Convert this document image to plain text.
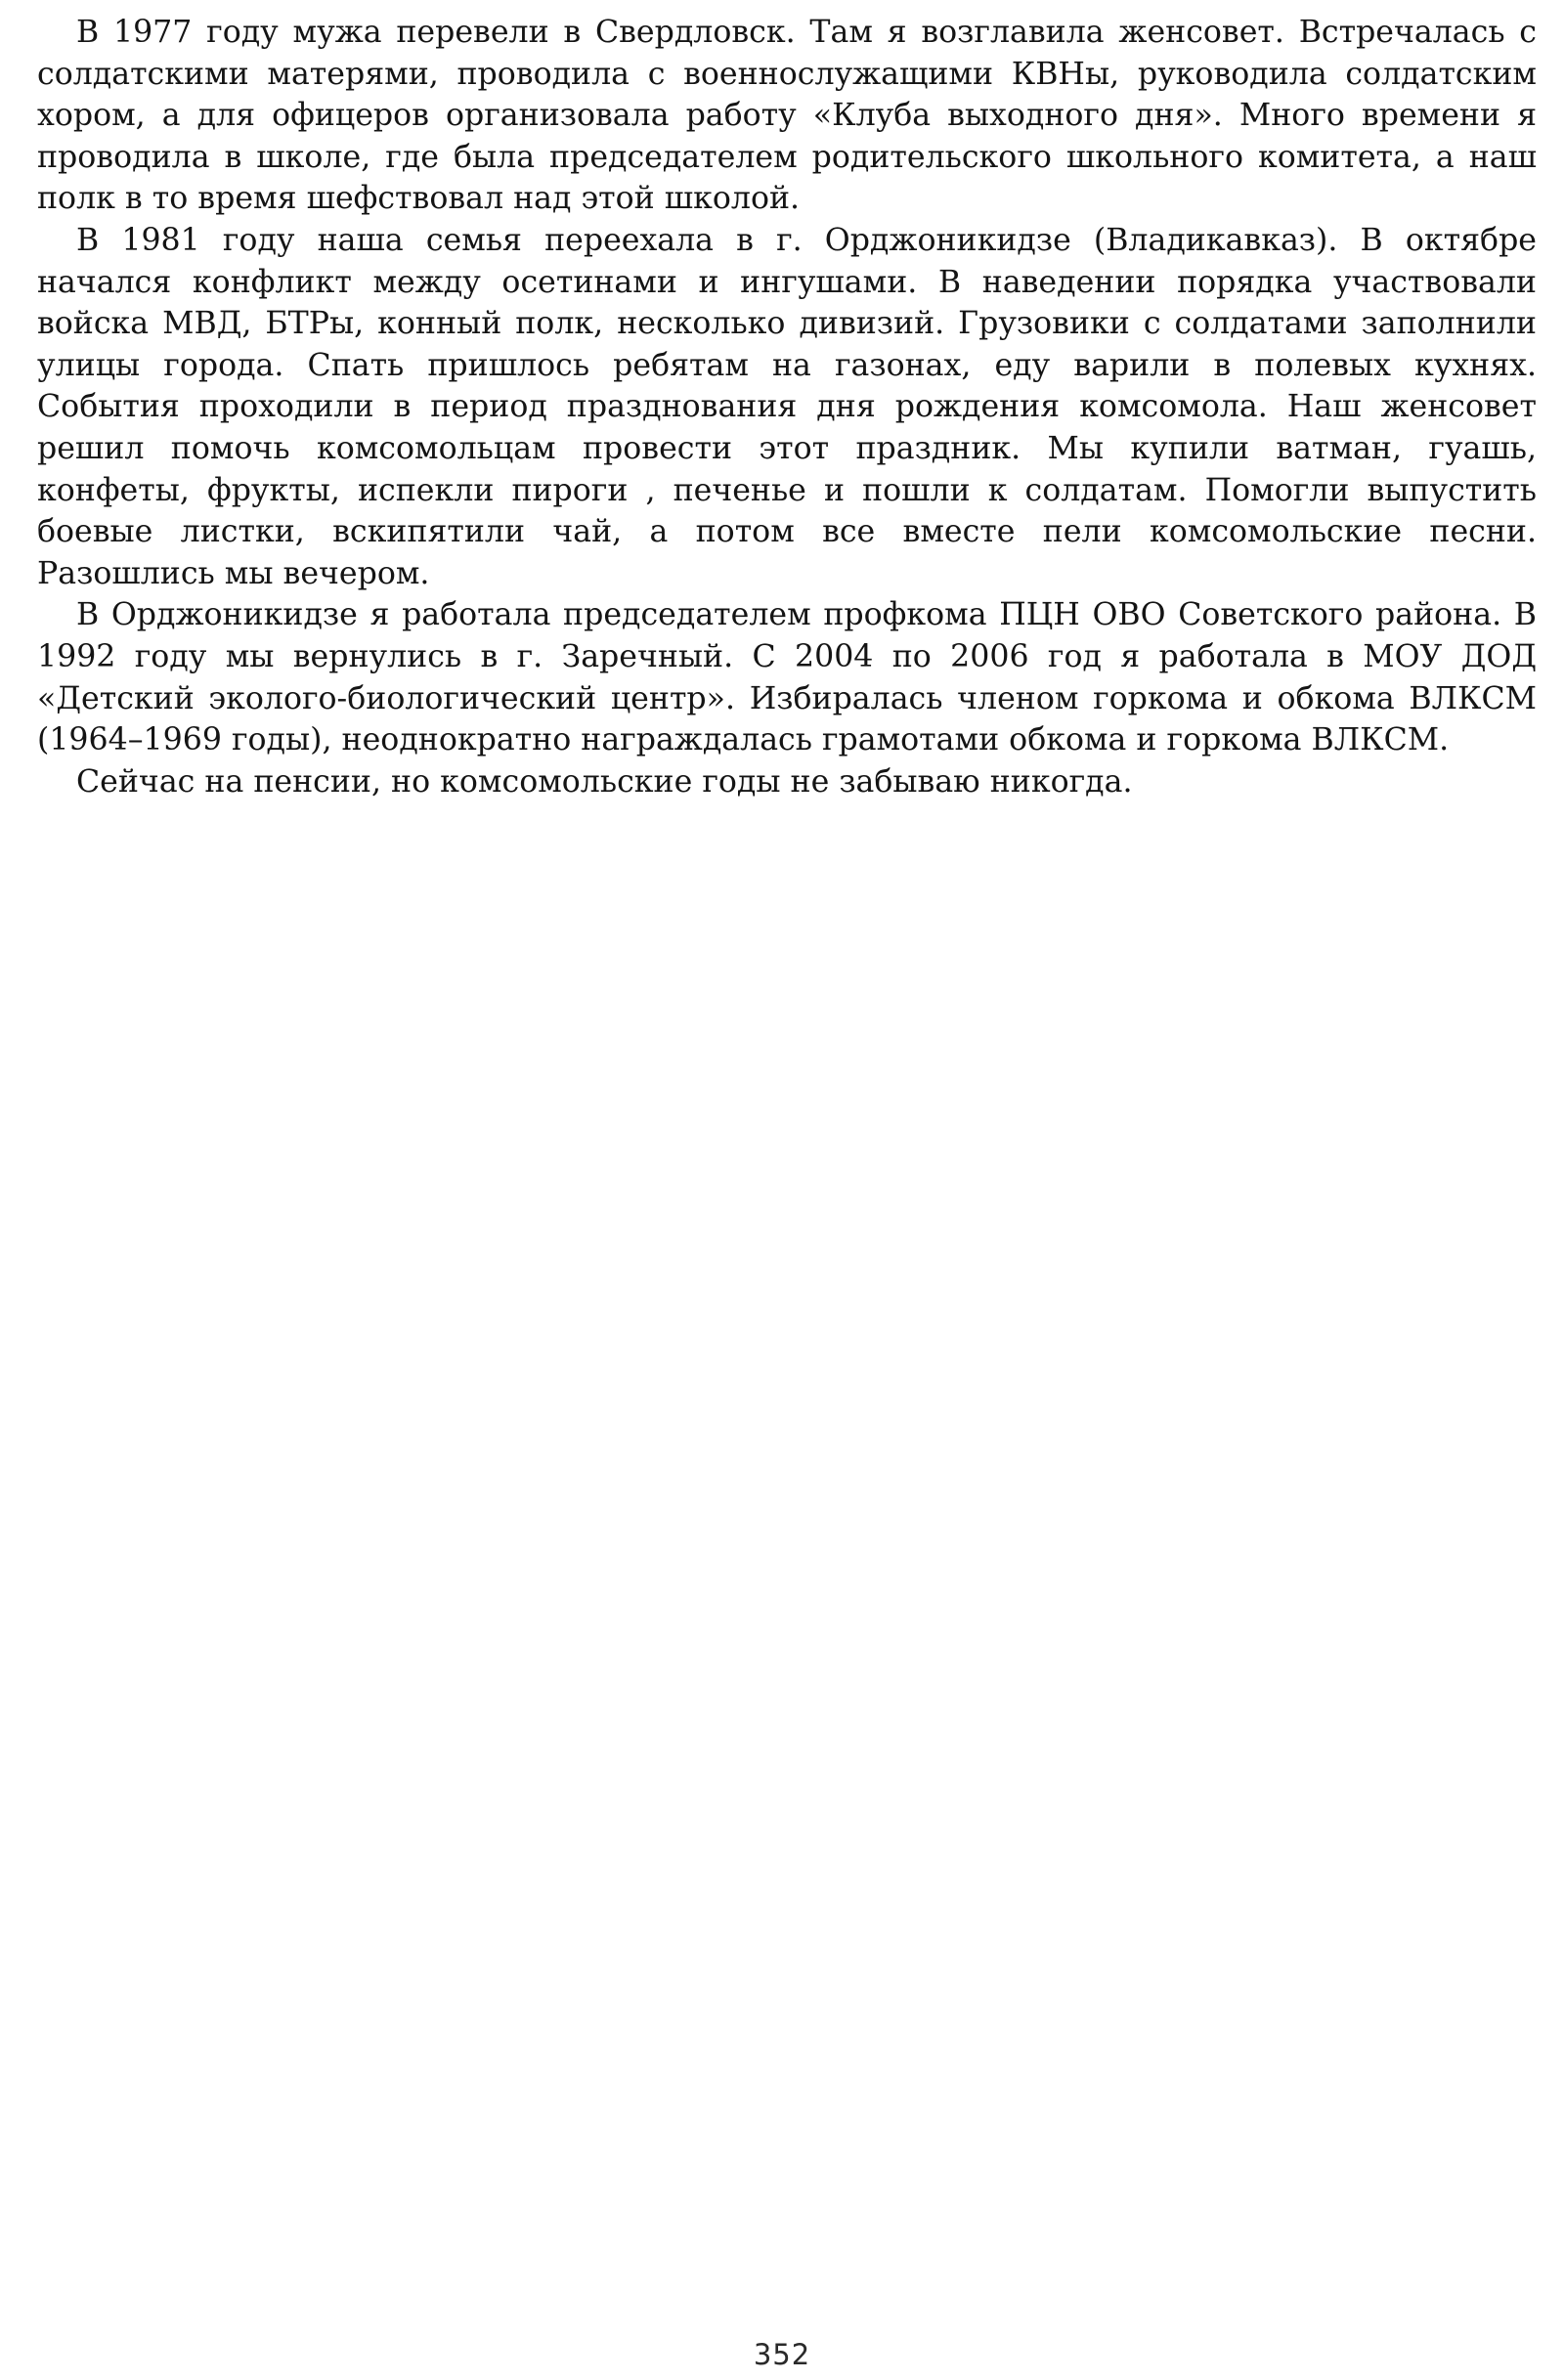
В 1977 году мужа перевели в Свердловск. Там я возглавила женсовет. Встречалась с солдатскими матерями, проводила с военнослужащими КВНы, руководила солдатским хором, а для офицеров организовала работу «Клуба выходного дня». Много времени я проводила в школе, где была председателем родительского школьного комитета, а наш полк в то время шефствовал над этой школой.

В 1981 году наша семья переехала в г. Орджоникидзе (Владикавказ). В октябре начался конфликт между осетинами и ингушами. В наведении порядка участвовали войска МВД, БТРы, конный полк, несколько дивизий. Грузовики с солдатами заполнили улицы города. Спать пришлось ребятам на газонах, еду варили в полевых кухнях. События проходили в период празднования дня рождения комсомола. Наш женсовет решил помочь комсомольцам провести этот праздник. Мы купили ватман, гуашь, конфеты, фрукты, испекли пироги , печенье и пошли к солдатам. Помогли выпустить боевые листки, вскипятили чай, а потом все вместе пели комсомольские песни. Разошлись мы вечером.

В Орджоникидзе я работала председателем профкома ПЦН ОВО Советского района. В 1992 году мы вернулись в г. Заречный. С 2004 по 2006 год я работала в МОУ ДОД «Детский эколого-биологический центр». Избиралась членом горкома и обкома ВЛКСМ (1964–1969 годы), неоднократно награждалась грамотами обкома и горкома ВЛКСМ.

Сейчас на пенсии, но комсомольские годы не забываю никогда.

352
